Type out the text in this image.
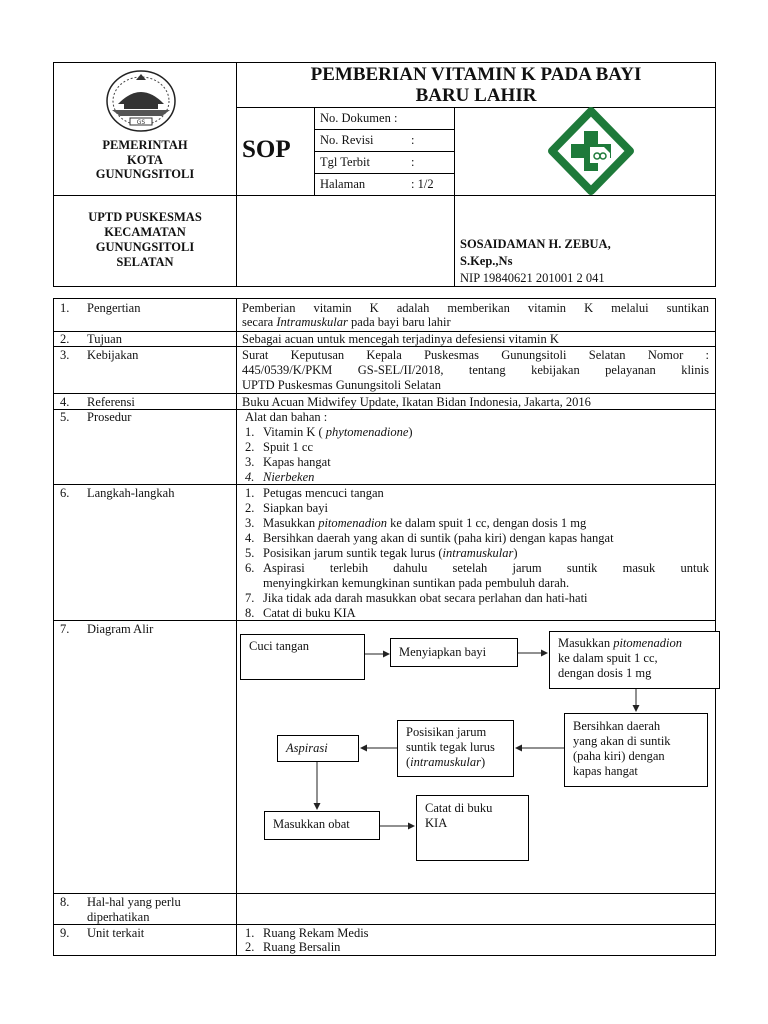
GS
PEMERINTAH
KOTA
GUNUNGSITOLI
PEMBERIAN VITAMIN K PADA BAYI
BARU LAHIR
SOP
No. Dokumen :
No. Revisi	:
Tgl Terbit	:
Halaman	: 1/2
UPTD PUSKESMAS
KECAMATAN
GUNUNGSITOLI
SELATAN
SOSAIDAMAN H. ZEBUA,
S.Kep.,Ns
NIP 19840621 201001 2 041
1. Pengertian	Pemberian vitamin K adalah memberikan vitamin K melalui suntikan
secara Intramuskular pada bayi baru lahir
2. Tujuan	Sebagai acuan untuk mencegah terjadinya defesiensi vitamin K
3. Kebijakan	Surat Keputusan Kepala Puskesmas Gunungsitoli Selatan Nomor :
445/0539/K/PKM GS-SEL/II/2018, tentang kebijakan pelayanan klinis
UPTD Puskesmas Gunungsitoli Selatan
4. Referensi	Buku Acuan Midwifey Update, Ikatan Bidan Indonesia, Jakarta, 2016
5. Prosedur	Alat dan bahan :
1. Vitamin K ( phytomenadione)
2. Spuit 1 cc
3. Kapas hangat
4. Nierbeken
6. Langkah-langkah	1. Petugas mencuci tangan
2. Siapkan bayi
3. Masukkan pitomenadion ke dalam spuit 1 cc, dengan dosis 1 mg
4. Bersihkan daerah yang akan di suntik (paha kiri) dengan kapas hangat
5. Posisikan jarum suntik tegak lurus (intramuskular)
6. Aspirasi terlebih dahulu setelah jarum suntik masuk untuk
menyingkirkan kemungkinan suntikan pada pembuluh darah.
7. Jika tidak ada darah masukkan obat secara perlahan dan hati-hati
8. Catat di buku KIA
7. Diagram Alir
Cuci tangan	Menyiapkan bayi
Masukkan pitomenadion
ke dalam spuit 1 cc,
dengan dosis 1 mg
Bersihkan daerah
yang akan di suntik
(paha kiri) dengan
kapas hangat
Posisikan jarum
suntik tegak lurus
(intramuskular)
Aspirasi
Masukkan obat
Catat di buku
KIA
8. Hal-hal yang perlu
diperhatikan
9. Unit terkait	1. Ruang Rekam Medis
2. Ruang Bersalin
